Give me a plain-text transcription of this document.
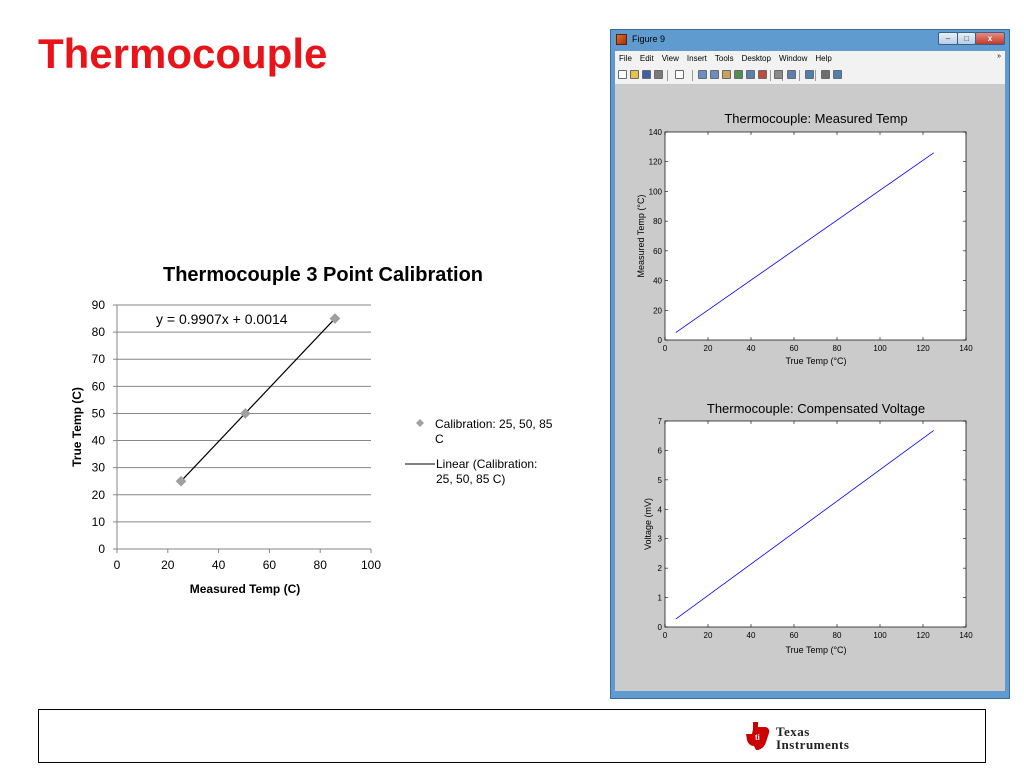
Thermocouple
Thermocouple 3 Point Calibration
0
10
20
30
40
50
60
70
80
90
0	20	40	60	80	100
y = 0.9907x + 0.0014
Measured Temp (C)
True Temp (C)	Calibration: 25, 50, 85 C
Linear (Calibration: 25, 50, 85 C)
Figure 9	–	□	x
File Edit View Insert Tools Desktop Window Help	»
Thermocouple: Measured Temp
0	20	40	60	80	100	120	140
0
20
40
60
80
100
120
140
True Temp (°C)
Measured Temp (°C)
Thermocouple: Compensated Voltage
0	20	40	60	80	100	120	140
0
1
2
3
4
5
6
7
True Temp (°C)
Voltage (mV)
ti Texas
Instruments
